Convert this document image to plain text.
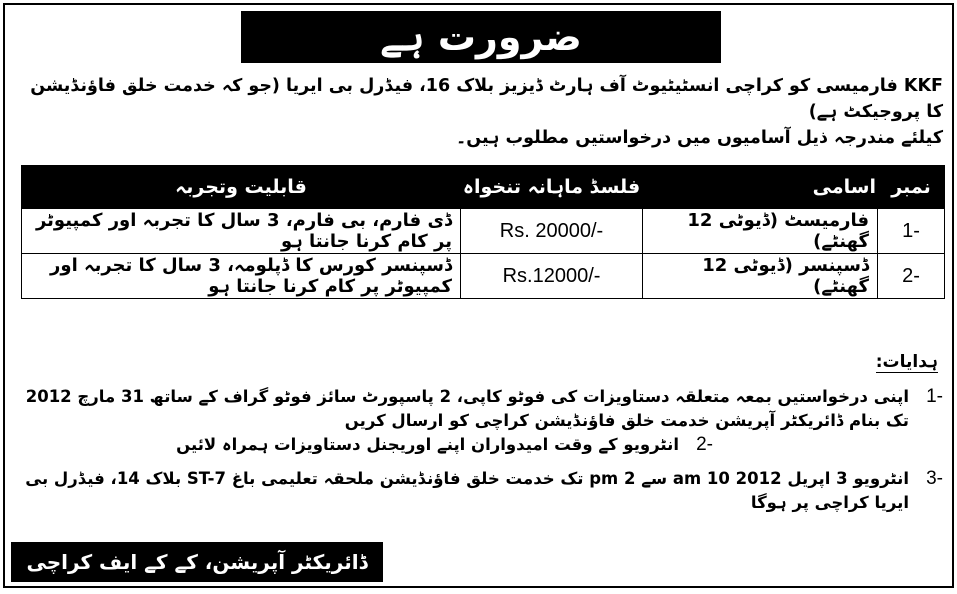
ضرورت ہے
KKF فارمیسی کو کراچی انسٹیٹیوٹ آف ہارٹ ڈیزیز بلاک 16، فیڈرل بی ایریا (جو کہ خدمت خلق فاؤنڈیشن کا پروجیکٹ ہے)
کیلئے مندرجہ ذیل آسامیوں میں درخواستیں مطلوب ہیں۔
نمبر	اسامی	فلسڈ ماہانہ تنخواہ	قابلیت وتجربہ
1-	فارمیسٹ (ڈیوٹی 12 گھنٹے)	Rs. 20000/-	ڈی فارم، بی فارم، 3 سال کا تجربہ اور کمپیوٹر پر کام کرنا جانتا ہو
2-	ڈسپنسر (ڈیوٹی 12 گھنٹے)	Rs.12000/-	ڈسپنسر کورس کا ڈپلومہ، 3 سال کا تجربہ اور کمپیوٹر پر کام کرنا جانتا ہو
ہدایات:
1-
اپنی درخواستیں بمعہ متعلقہ دستاویزات کی فوٹو کاپی، 2 پاسپورٹ سائز فوٹو گراف کے ساتھ 31 مارچ 2012 تک بنام ڈائریکٹر آپریشن خدمت خلق فاؤنڈیشن کراچی کو ارسال کریں
2-
انٹرویو کے وقت امیدواران اپنے اوریجنل دستاویزات ہمراہ لائیں
3-
انٹرویو 3 اپریل 2012 10 am سے 2 pm تک خدمت خلق فاؤنڈیشن ملحقہ تعلیمی باغ ST-7 بلاک 14، فیڈرل بی ایریا کراچی پر ہوگا
ڈائریکٹر آپریشن، کے کے ایف کراچی
